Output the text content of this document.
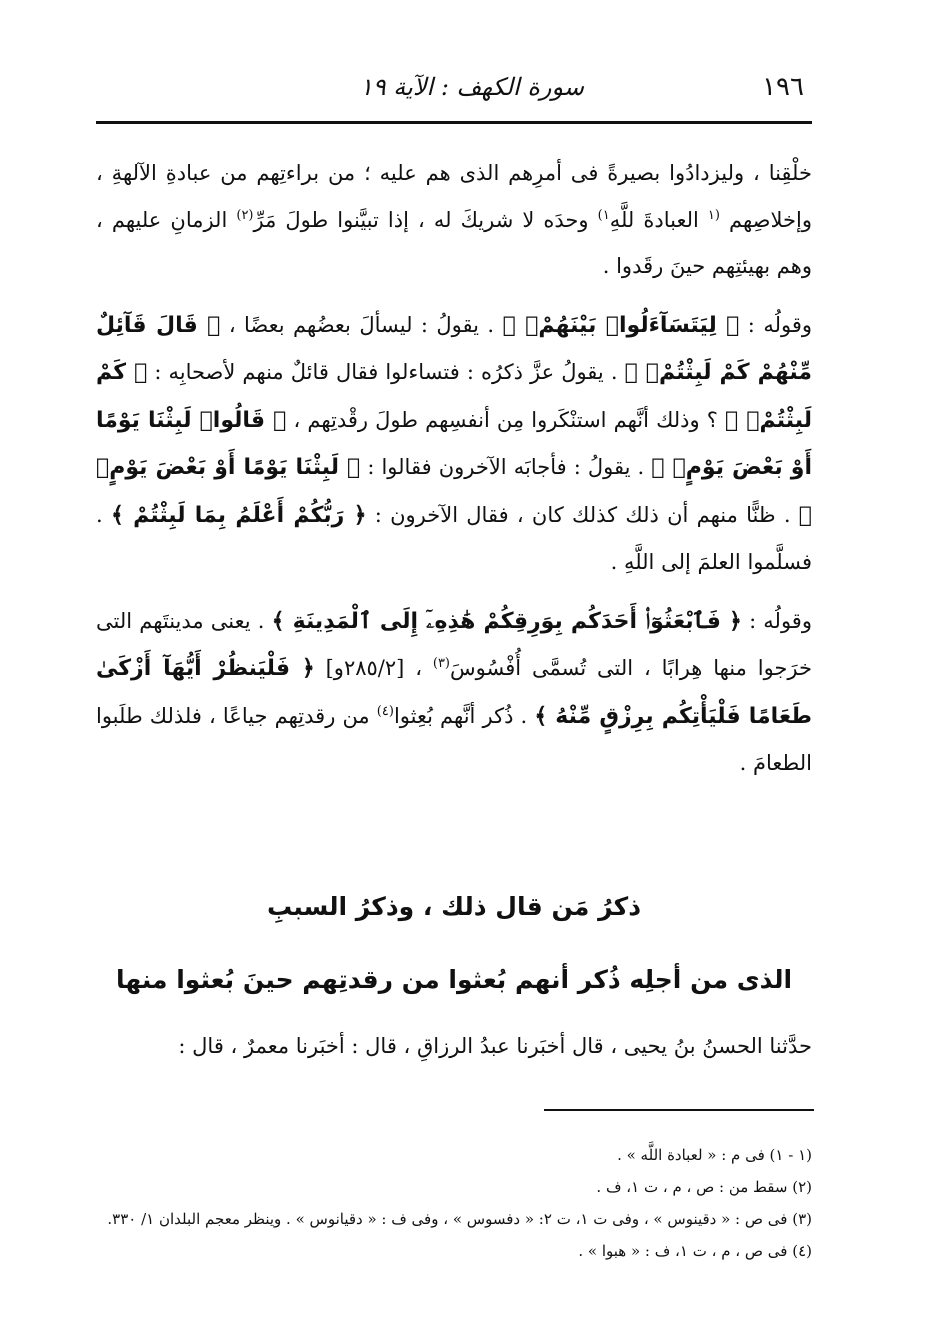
١٩٦
سورة الكهف : الآية ١٩

خلْقِنا ، وليزدادُوا بصيرةً فى أمرِهم الذى هم عليه ؛ من براءتِهم من عبادةِ الآلهةِ ، وإخلاصِهم $^{(١}$ العبادةَ للَّهِ$^{١)}$ وحدَه لا شريكَ له ، إذا تبيَّنوا طولَ مَرِّ$^{(٢)}$ الزمانِ عليهم ، وهم بهيئتِهم حينَ رقَدوا .

وقولُه : ﴿ لِيَتَسَآءَلُوا۟ بَيْنَهُمْۚ ﴾ . يقولُ : ليسألَ بعضُهم بعضًا ، ﴿ قَالَ قَآئِلٌ مِّنْهُمْ كَمْ لَبِثْتُمْۖ ﴾ . يقولُ عزَّ ذكرُه : فتساءلوا فقال قائلٌ منهم لأصحابِه : ﴿ كَمْ لَبِثْتُمْۖ ﴾ ؟ وذلك أنَّهم استنْكَروا مِن أنفسِهم طولَ رقْدتِهم ، ﴿ قَالُوا۟ لَبِثْنَا يَوْمًا أَوْ بَعْضَ يَوْمٍۚ ﴾ . يقولُ : فأجابَه الآخرون فقالوا : ﴿ لَبِثْنَا يَوْمًا أَوْ بَعْضَ يَوْمٍۚ ﴾ . ظنًّا منهم أن ذلك كذلك كان ، فقال الآخرون : ﴿ رَبُّكُمْ أَعْلَمُ بِمَا لَبِثْتُمْ ﴾ . فسلَّموا العلمَ إلى اللَّهِ .

وقولُه : ﴿ فَٱبْعَثُوٓا۟ أَحَدَكُم بِوَرِقِكُمْ هَٰذِهِۦٓ إِلَى ٱلْمَدِينَةِ ﴾ . يعنى مدينتَهم التى خرَجوا منها هِرابًا ، التى تُسمَّى أُفْسُوسَ$^{(٣)}$ ، [٢٨٥/٢و] ﴿ فَلْيَنظُرْ أَيُّهَآ أَزْكَىٰ طَعَامًا فَلْيَأْتِكُم بِرِزْقٍ مِّنْهُ ﴾ . ذُكر أنَّهم بُعِثوا$^{(٤)}$ من رقدتِهم جياعًا ، فلذلك طلَبوا الطعامَ .

ذكرُ مَن قال ذلك ، وذكرُ السببِ
الذى من أجلِه ذُكر أنهم بُعثوا من رقدتِهم حينَ بُعثوا منها
حدَّثنا الحسنُ بنُ يحيى ، قال أخبَرنا عبدُ الرزاقِ ، قال : أخبَرنا معمرٌ ، قال :
(١ - ١) فى م : « لعبادة اللَّه » .
(٢) سقط من : ص ، م ، ت ١، ف .
(٣) فى ص : « دقينوس » ، وفى ت ١، ت ٢: « دفسوس » ، وفى ف : « دقيانوس » . وينظر معجم البلدان ١/ ٣٣٠.
(٤) فى ص ، م ، ت ١، ف : « هبوا » .
